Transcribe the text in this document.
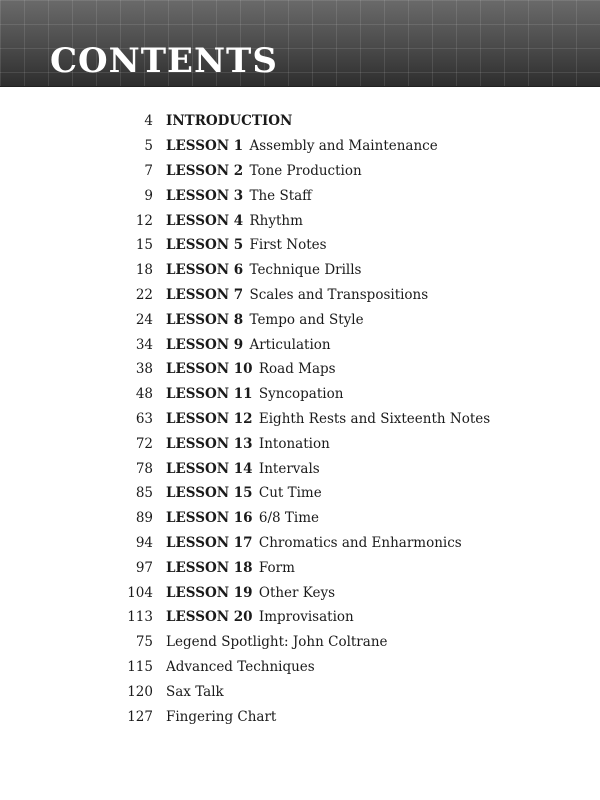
CONTENTS
4 INTRODUCTION
5 LESSON 1 Assembly and Maintenance
7 LESSON 2 Tone Production
9 LESSON 3 The Staff
12 LESSON 4 Rhythm
15 LESSON 5 First Notes
18 LESSON 6 Technique Drills
22 LESSON 7 Scales and Transpositions
24 LESSON 8 Tempo and Style
34 LESSON 9 Articulation
38 LESSON 10 Road Maps
48 LESSON 11 Syncopation
63 LESSON 12 Eighth Rests and Sixteenth Notes
72 LESSON 13 Intonation
78 LESSON 14 Intervals
85 LESSON 15 Cut Time
89 LESSON 16 6/8 Time
94 LESSON 17 Chromatics and Enharmonics
97 LESSON 18 Form
104 LESSON 19 Other Keys
113 LESSON 20 Improvisation
75 Legend Spotlight: John Coltrane
115 Advanced Techniques
120 Sax Talk
127 Fingering Chart
